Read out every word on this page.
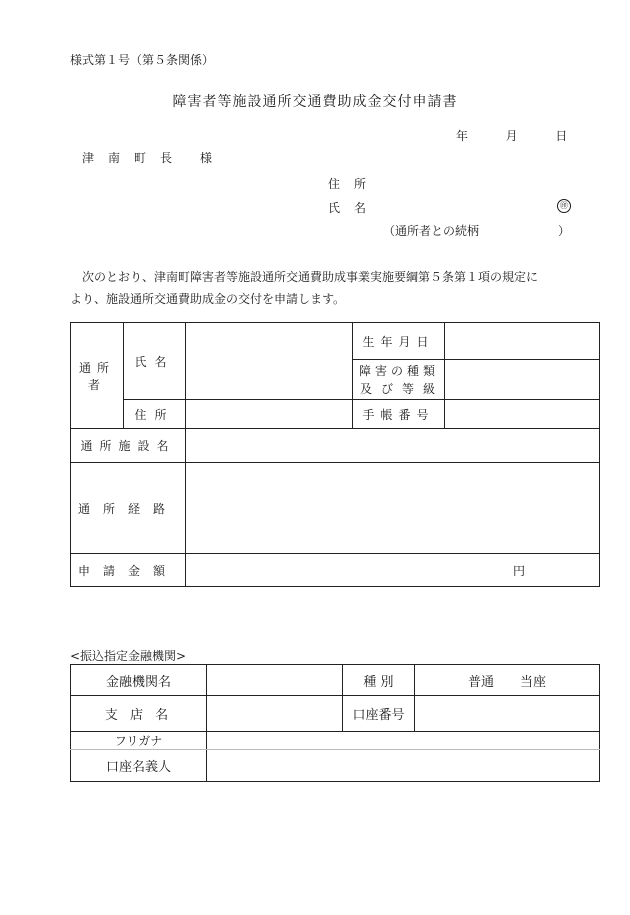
様式第１号（第５条関係）
障害者等施設通所交通費助成金交付申請書
年	月	日
津南町長 様
住所
氏名	㊞
（通所者との続柄	）

次のとおり、津南町障害者等施設通所交通費助成事業実施要綱第５条第１項の規定に

より、施設通所交通費助成金の交付を申請します。

通所者	氏名		生年月日	

			障害の種類
及び等級	

	住所		手帳番号	
通所施設名				
通所経路				
申請金額		円		
<振込指定金融機関>
金融機関名		種 別	普通　　当座
支 店 名		口座番号	
フリガナ			
口座名義人			
